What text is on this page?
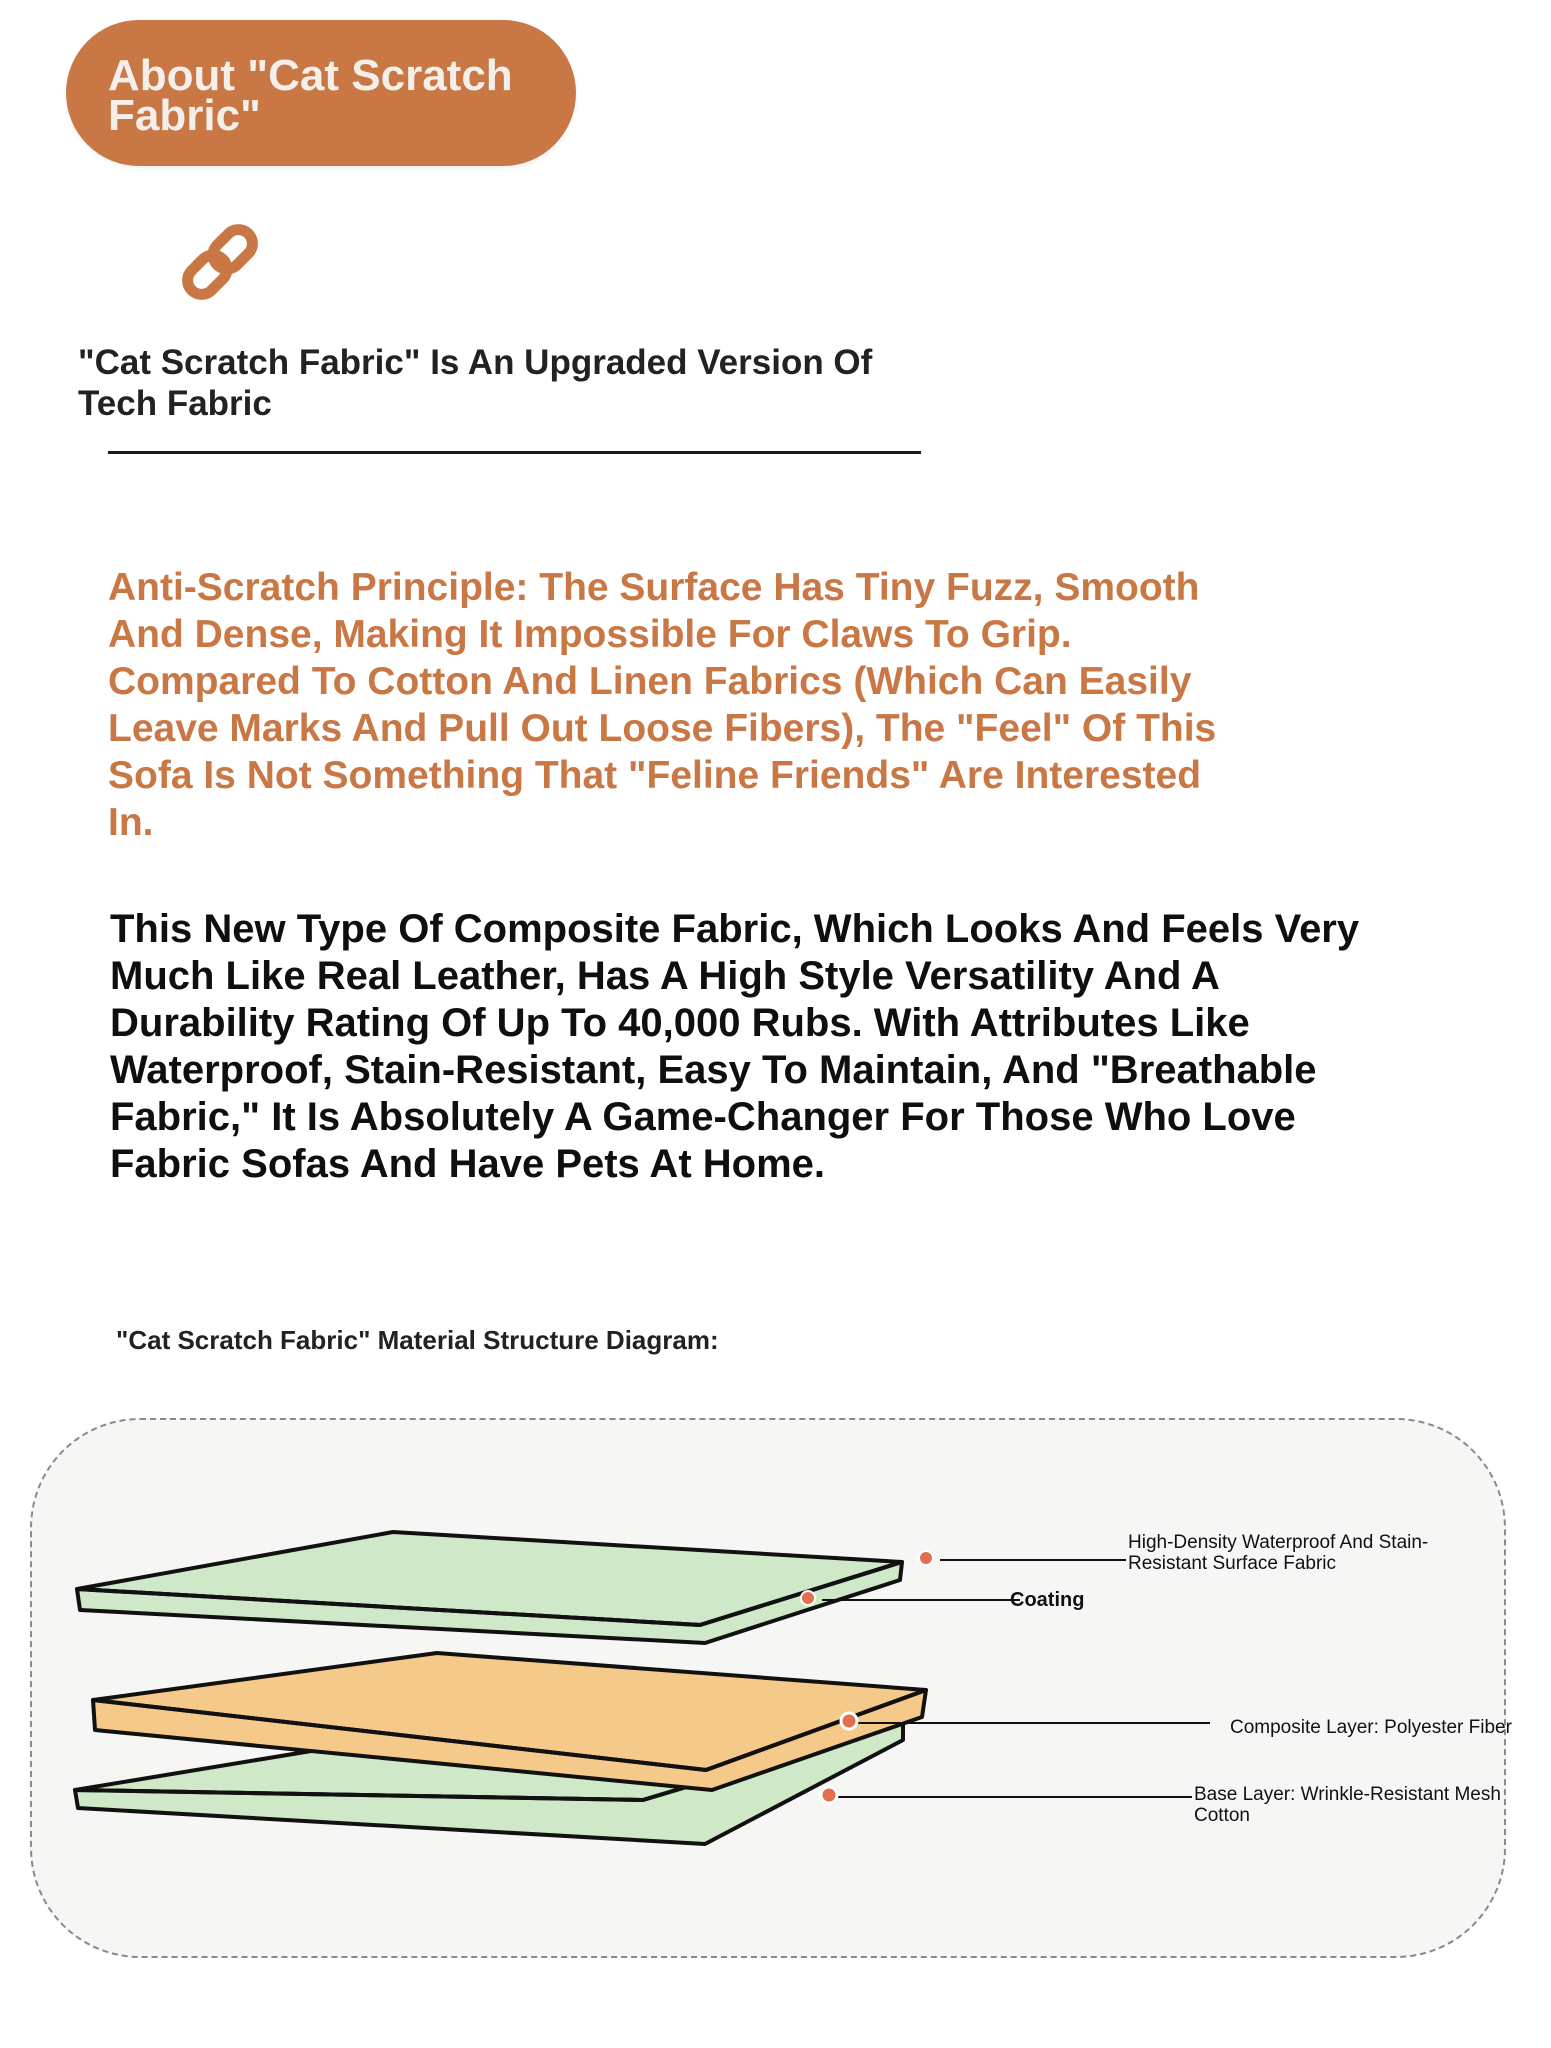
About "Cat Scratch Fabric"
"Cat Scratch Fabric" Is An Upgraded Version Of Tech Fabric
Anti-Scratch Principle: The Surface Has Tiny Fuzz, Smooth And Dense, Making It Impossible For Claws To Grip. Compared To Cotton And Linen Fabrics (Which Can Easily Leave Marks And Pull Out Loose Fibers), The "Feel" Of This Sofa Is Not Something That "Feline Friends" Are Interested In.
This New Type Of Composite Fabric, Which Looks And Feels Very Much Like Real Leather, Has A High Style Versatility And A Durability Rating Of Up To 40,000 Rubs. With Attributes Like Waterproof, Stain-Resistant, Easy To Maintain, And "Breathable Fabric," It Is Absolutely A Game-Changer For Those Who Love Fabric Sofas And Have Pets At Home.
"Cat Scratch Fabric" Material Structure Diagram:
High-Density Waterproof And Stain-Resistant Surface Fabric
Coating
Composite Layer: Polyester Fiber
Base Layer: Wrinkle-Resistant Mesh Cotton
